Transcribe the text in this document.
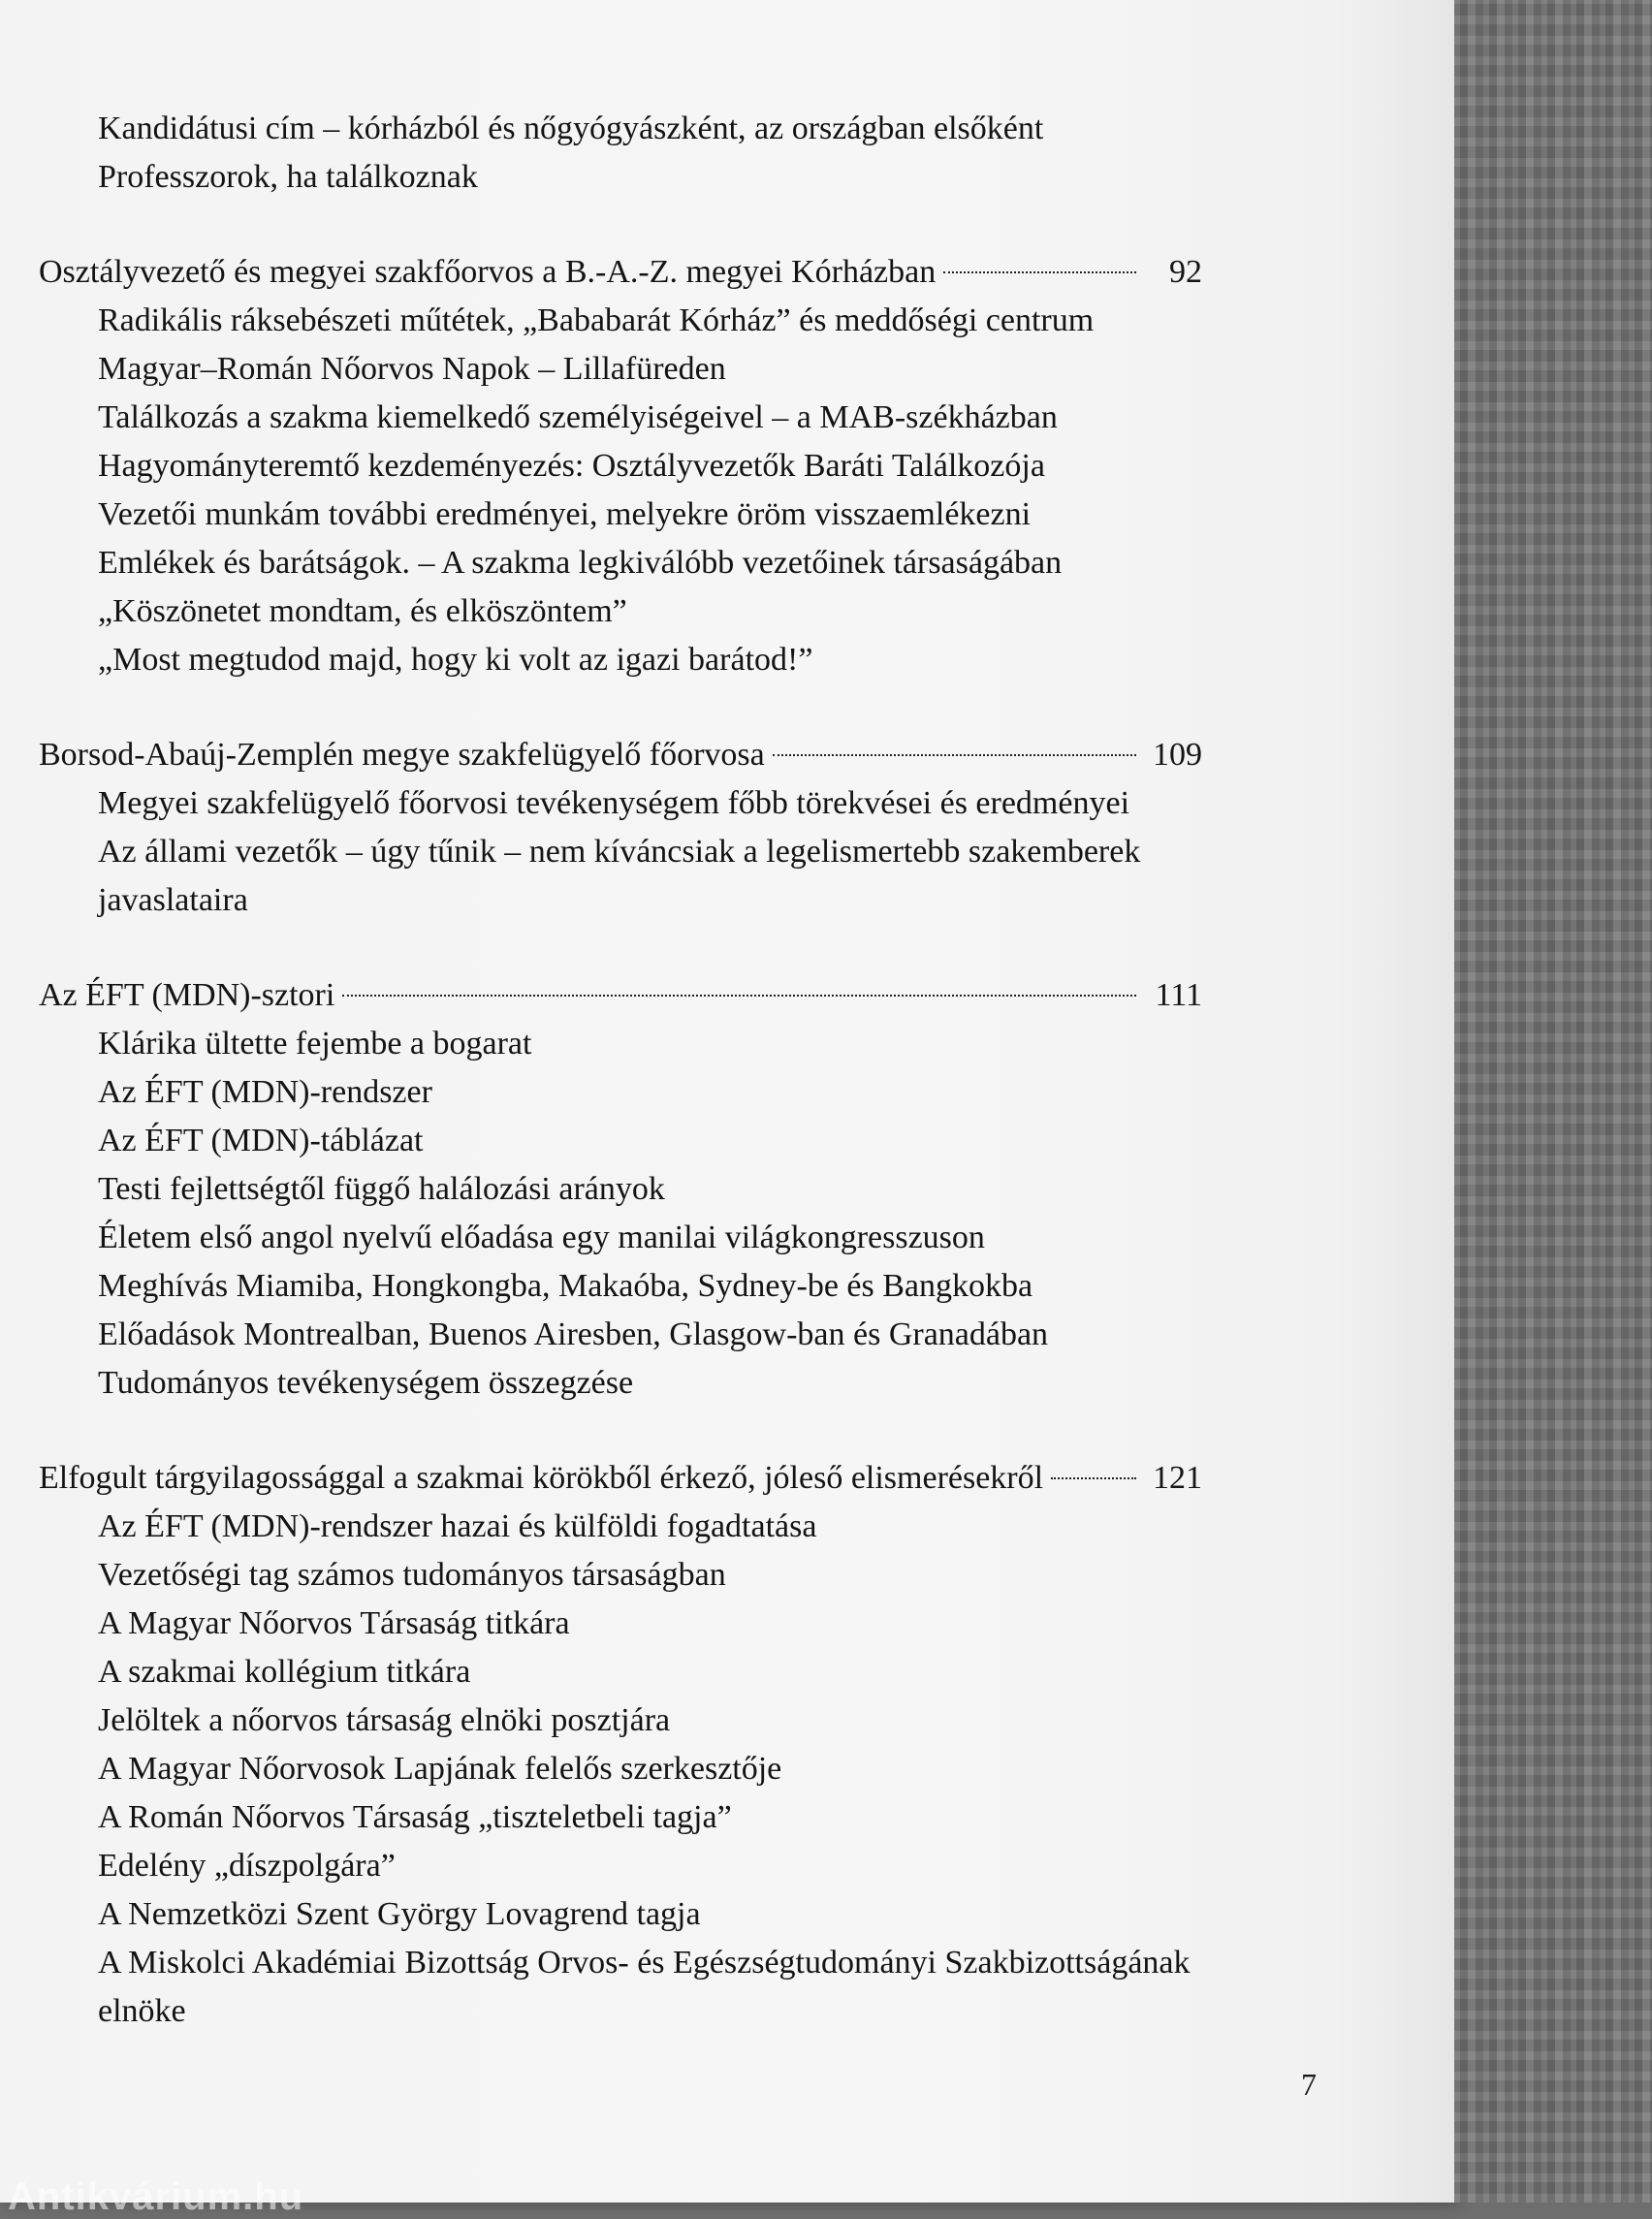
Kandidátusi cím – kórházból és nőgyógyászként, az országban elsőként
Professzorok, ha találkoznak
Osztályvezető és megyei szakfőorvos a B.-A.-Z. megyei Kórházban	92
Radikális ráksebészeti műtétek, „Bababarát Kórház” és meddőségi centrum
Magyar–Román Nőorvos Napok – Lillafüreden
Találkozás a szakma kiemelkedő személyiségeivel – a MAB-székházban
Hagyományteremtő kezdeményezés: Osztályvezetők Baráti Találkozója
Vezetői munkám további eredményei, melyekre öröm visszaemlékezni
Emlékek és barátságok. – A szakma legkiválóbb vezetőinek társaságában
„Köszönetet mondtam, és elköszöntem”
„Most megtudod majd, hogy ki volt az igazi barátod!”
Borsod-Abaúj-Zemplén megye szakfelügyelő főorvosa	109
Megyei szakfelügyelő főorvosi tevékenységem főbb törekvései és eredményei
Az állami vezetők – úgy tűnik – nem kíváncsiak a legelismertebb szakemberek javaslataira
Az ÉFT (MDN)-sztori	111
Klárika ültette fejembe a bogarat
Az ÉFT (MDN)-rendszer
Az ÉFT (MDN)-táblázat
Testi fejlettségtől függő halálozási arányok
Életem első angol nyelvű előadása egy manilai világkongresszuson
Meghívás Miamiba, Hongkongba, Makaóba, Sydney-be és Bangkokba
Előadások Montrealban, Buenos Airesben, Glasgow-ban és Granadában
Tudományos tevékenységem összegzése
Elfogult tárgyilagossággal a szakmai körökből érkező, jóleső elismerésekről	121
Az ÉFT (MDN)-rendszer hazai és külföldi fogadtatása
Vezetőségi tag számos tudományos társaságban
A Magyar Nőorvos Társaság titkára
A szakmai kollégium titkára
Jelöltek a nőorvos társaság elnöki posztjára
A Magyar Nőorvosok Lapjának felelős szerkesztője
A Román Nőorvos Társaság „tiszteletbeli tagja”
Edelény „díszpolgára”
A Nemzetközi Szent György Lovagrend tagja
A Miskolci Akadémiai Bizottság Orvos- és Egészségtudományi Szakbizottságának elnöke
7
Antikvárium.hu
